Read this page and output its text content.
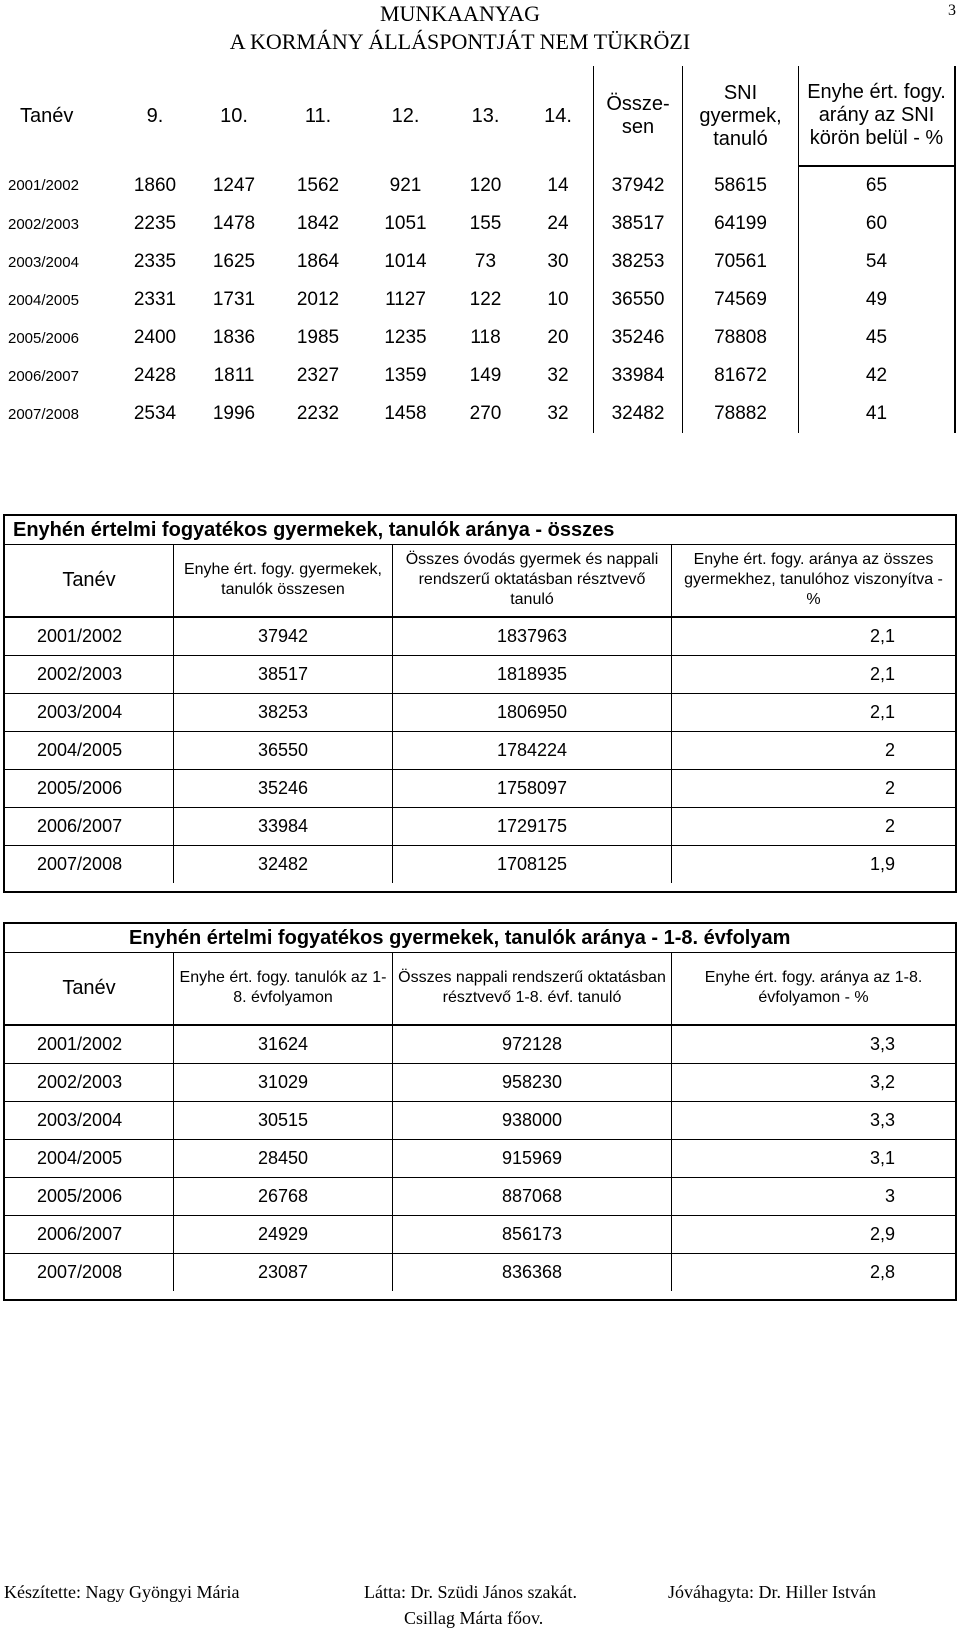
MUNKAANYAG
A KORMÁNY ÁLLÁSPONTJÁT NEM TÜKRÖZI
3
Tanév	9.	10.	11.	12.	13.	14.	Össze-sen	SNI gyermek, tanuló	Enyhe ért. fogy. arány az SNI körön belül - %
2001/2002	1860	1247	1562	921	120	14	37942	58615	65
2002/2003	2235	1478	1842	1051	155	24	38517	64199	60
2003/2004	2335	1625	1864	1014	73	30	38253	70561	54
2004/2005	2331	1731	2012	1127	122	10	36550	74569	49
2005/2006	2400	1836	1985	1235	118	20	35246	78808	45
2006/2007	2428	1811	2327	1359	149	32	33984	81672	42
2007/2008	2534	1996	2232	1458	270	32	32482	78882	41
Enyhén értelmi fogyatékos gyermekek, tanulók aránya - összes
Tanév	Enyhe ért. fogy. gyermekek, tanulók összesen	Összes óvodás gyermek és nappali rendszerű oktatásban résztvevő tanuló	Enyhe ért. fogy. aránya az összes gyermekhez, tanulóhoz viszonyítva - %
2001/2002	37942	1837963	2,1
2002/2003	38517	1818935	2,1
2003/2004	38253	1806950	2,1
2004/2005	36550	1784224	2
2005/2006	35246	1758097	2
2006/2007	33984	1729175	2
2007/2008	32482	1708125	1,9
Enyhén értelmi fogyatékos gyermekek, tanulók aránya - 1-8. évfolyam
Tanév	Enyhe ért. fogy. tanulók az 1-8. évfolyamon	Összes nappali rendszerű oktatásban résztvevő 1-8. évf. tanuló	Enyhe ért. fogy. aránya az 1-8. évfolyamon - %
2001/2002	31624	972128	3,3
2002/2003	31029	958230	3,2
2003/2004	30515	938000	3,3
2004/2005	28450	915969	3,1
2005/2006	26768	887068	3
2006/2007	24929	856173	2,9
2007/2008	23087	836368	2,8
Készítette: Nagy Gyöngyi Mária	Látta: Dr. Szüdi János szakát.
Csillag Márta főov.
Jóváhagyta: Dr. Hiller István
